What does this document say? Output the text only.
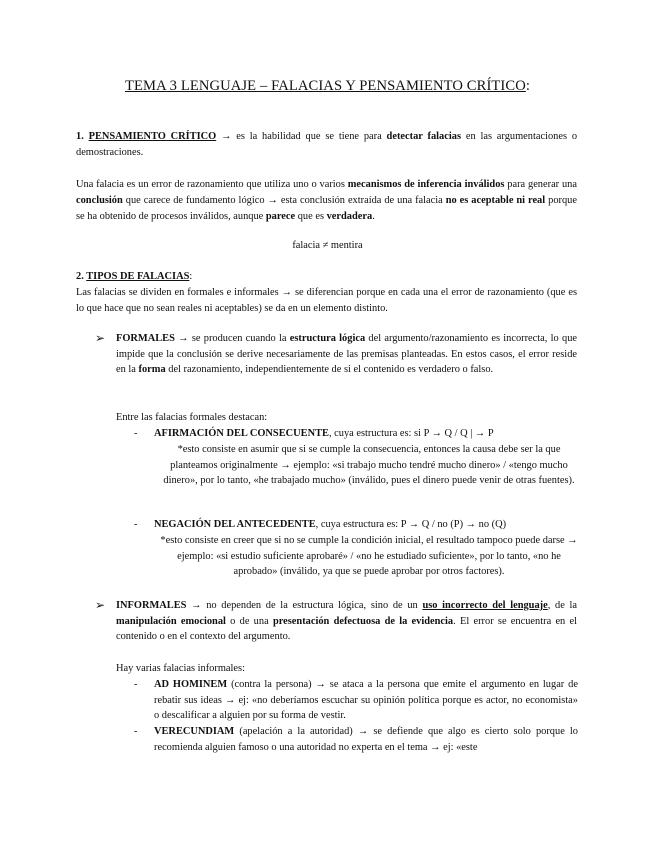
TEMA 3 LENGUAJE – FALACIAS Y PENSAMIENTO CRÍTICO:

1. PENSAMIENTO CRÍTICO → es la habilidad que se tiene para detectar falacias en las argumentaciones o demostraciones.

Una falacia es un error de razonamiento que utiliza uno o varios mecanismos de inferencia inválidos para generar una conclusión que carece de fundamento lógico → esta conclusión extraída de una falacia no es aceptable ni real porque se ha obtenido de procesos inválidos, aunque parece que es verdadera.

falacia ≠ mentira
2. TIPOS DE FALACIAS:

Las falacias se dividen en formales e informales → se diferencian porque en cada una el error de razonamiento (que es lo que hace que no sean reales ni aceptables) se da en un elemento distinto.

➢ FORMALES → se producen cuando la estructura lógica del argumento/razonamiento es incorrecta, lo que impide que la conclusión se derive necesariamente de las premisas planteadas. En estos casos, el error reside en la forma del razonamiento, independientemente de si el contenido es verdadero o falso.

Entre las falacias formales destacan:
- AFIRMACIÓN DEL CONSECUENTE, cuya estructura es: si P → Q / Q | → P

*esto consiste en asumir que si se cumple la consecuencia, entonces la causa debe ser la que planteamos originalmente → ejemplo: «si trabajo mucho tendré mucho dinero» / «tengo mucho dinero», por lo tanto, «he trabajado mucho» (inválido, pues el dinero puede venir de otras fuentes).

- NEGACIÓN DEL ANTECEDENTE, cuya estructura es: P → Q / no (P) → no (Q)

*esto consiste en creer que si no se cumple la condición inicial, el resultado tampoco puede darse → ejemplo: «si estudio suficiente aprobaré» / «no he estudiado suficiente», por lo tanto, «no he aprobado» (inválido, ya que se puede aprobar por otros factores).

➢ INFORMALES → no dependen de la estructura lógica, sino de un uso incorrecto del lenguaje, de la manipulación emocional o de una presentación defectuosa de la evidencia. El error se encuentra en el contenido o en el contexto del argumento.

Hay varias falacias informales:
- AD HOMINEM (contra la persona) → se ataca a la persona que emite el argumento en lugar de rebatir sus ideas → ej: «no deberíamos escuchar su opinión política porque es actor, no economista» o descalificar a alguien por su forma de vestir.

- VERECUNDIAM (apelación a la autoridad) → se defiende que algo es cierto solo porque lo recomienda alguien famoso o una autoridad no experta en el tema → ej: «este
